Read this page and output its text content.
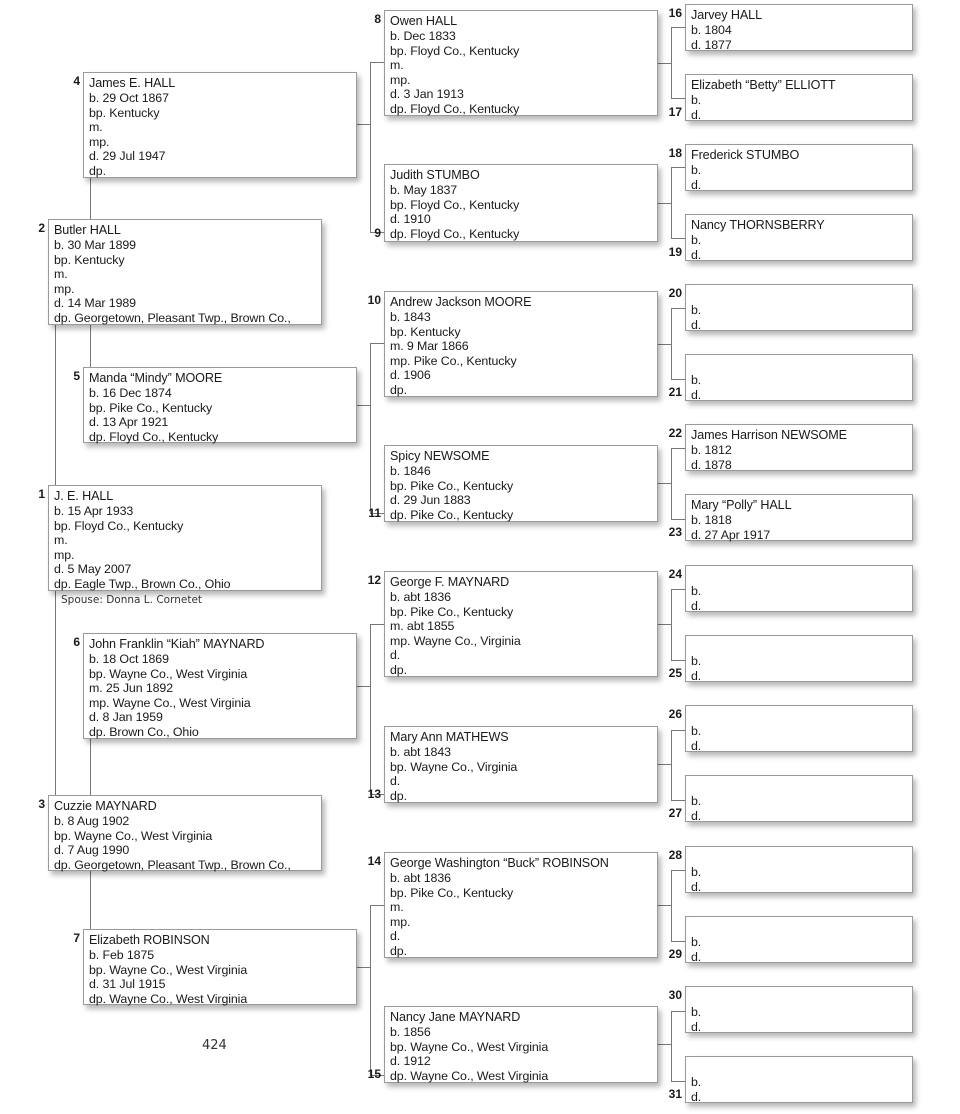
J. E. HALL
b. 15 Apr 1933
bp. Floyd Co., Kentucky
m.
mp.
d. 5 May 2007
dp. Eagle Twp., Brown Co., Ohio
1
Butler HALL
b. 30 Mar 1899
bp. Kentucky
m.
mp.
d. 14 Mar 1989
dp. Georgetown, Pleasant Twp., Brown Co.,
2
Cuzzie MAYNARD
b. 8 Aug 1902
bp. Wayne Co., West Virginia
d. 7 Aug 1990
dp. Georgetown, Pleasant Twp., Brown Co.,
3
James E. HALL
b. 29 Oct 1867
bp. Kentucky
m.
mp.
d. 29 Jul 1947
dp.
4
Manda “Mindy” MOORE
b. 16 Dec 1874
bp. Pike Co., Kentucky
d. 13 Apr 1921
dp. Floyd Co., Kentucky
5
John Franklin “Kiah” MAYNARD
b. 18 Oct 1869
bp. Wayne Co., West Virginia
m. 25 Jun 1892
mp. Wayne Co., West Virginia
d. 8 Jan 1959
dp. Brown Co., Ohio
6
Elizabeth ROBINSON
b. Feb 1875
bp. Wayne Co., West Virginia
d. 31 Jul 1915
dp. Wayne Co., West Virginia
7
Owen HALL
b. Dec 1833
bp. Floyd Co., Kentucky
m.
mp.
d. 3 Jan 1913
dp. Floyd Co., Kentucky
8
Judith STUMBO
b. May 1837
bp. Floyd Co., Kentucky
d. 1910
dp. Floyd Co., Kentucky
9
Andrew Jackson MOORE
b. 1843
bp. Kentucky
m. 9 Mar 1866
mp. Pike Co., Kentucky
d. 1906
dp.
10
Spicy NEWSOME
b. 1846
bp. Pike Co., Kentucky
d. 29 Jun 1883
dp. Pike Co., Kentucky
11
George F. MAYNARD
b. abt 1836
bp. Pike Co., Kentucky
m. abt 1855
mp. Wayne Co., Virginia
d.
dp.
12
Mary Ann MATHEWS
b. abt 1843
bp. Wayne Co., Virginia
d.
dp.
13
George Washington “Buck” ROBINSON
b. abt 1836
bp. Pike Co., Kentucky
m.
mp.
d.
dp.
14
Nancy Jane MAYNARD
b. 1856
bp. Wayne Co., West Virginia
d. 1912
dp. Wayne Co., West Virginia
15
Jarvey HALL
b. 1804
d. 1877
16
Elizabeth “Betty” ELLIOTT
b.
d.
17
Frederick STUMBO
b.
d.
18
Nancy THORNSBERRY
b.
d.
19
b.
d.
20
b.
d.
21
James Harrison NEWSOME
b. 1812
d. 1878
22
Mary “Polly” HALL
b. 1818
d. 27 Apr 1917
23
b.
d.
24
b.
d.
25
b.
d.
26
b.
d.
27
b.
d.
28
b.
d.
29
b.
d.
30
b.
d.
31
Spouse: Donna L. Cornetet
424
